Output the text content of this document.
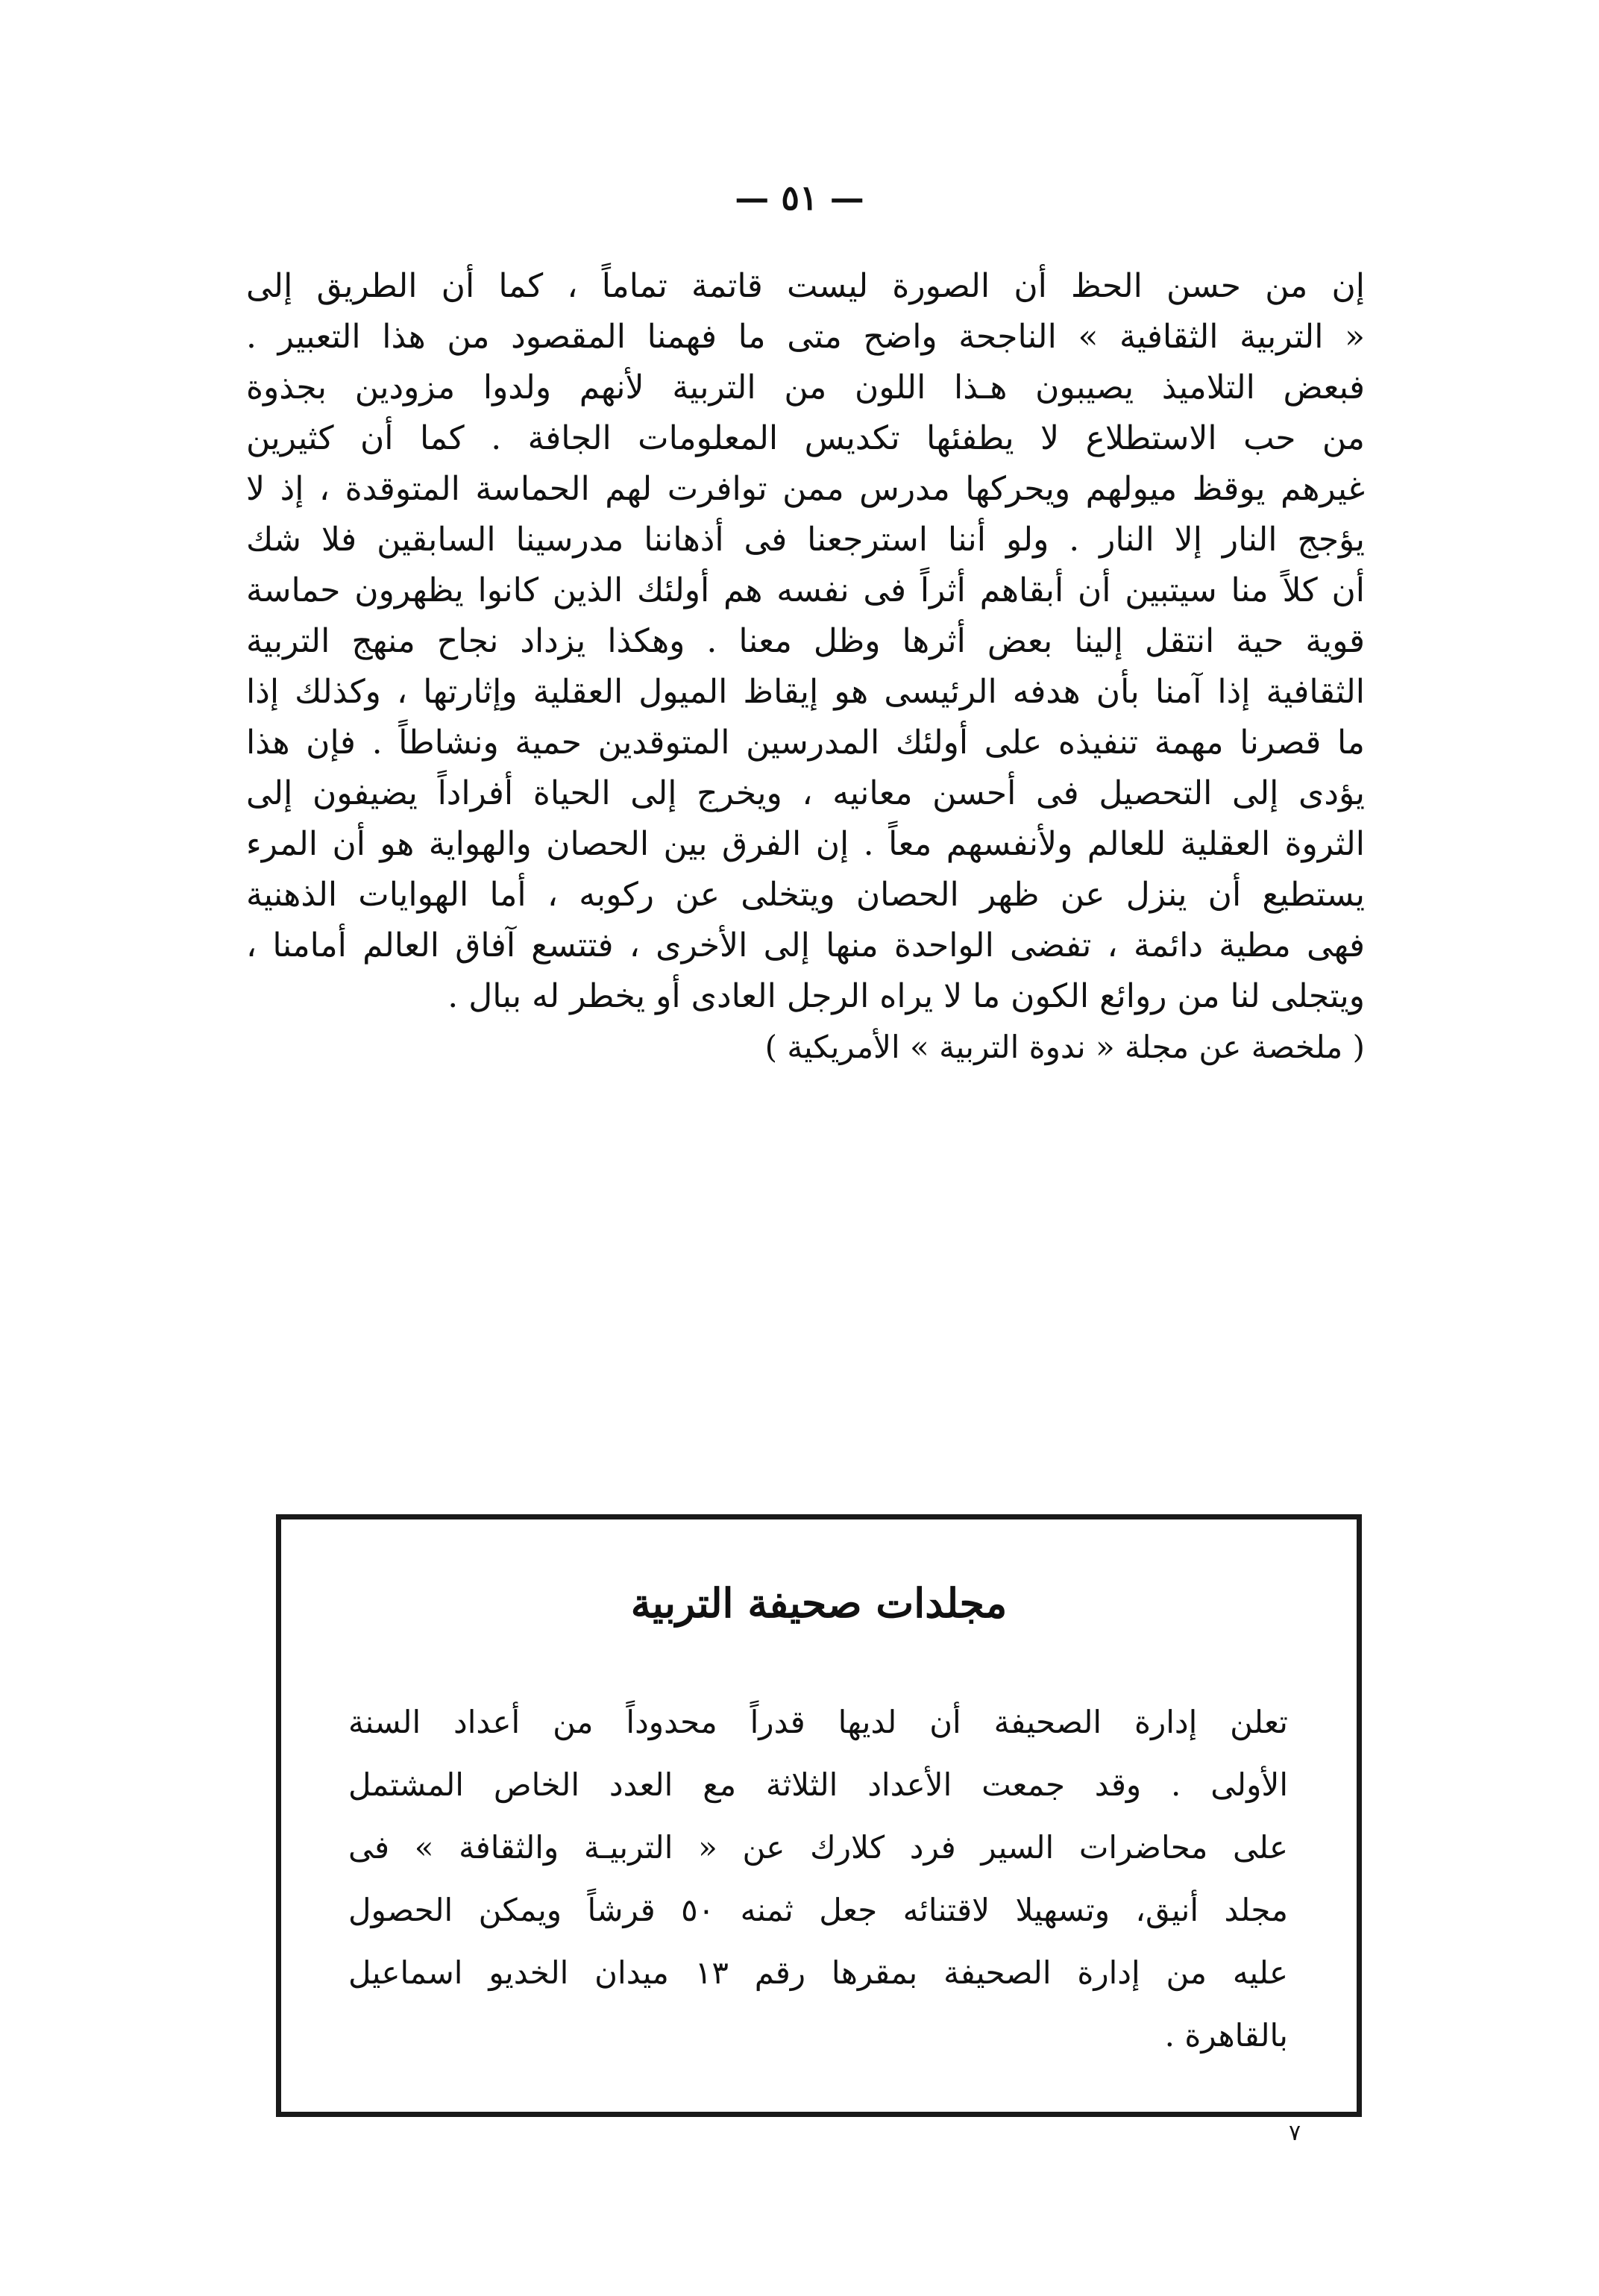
— ٥١ —
إن من حسن الحظ أن الصورة ليست قاتمة تماماً ، كما أن الطريق إلى
« التربية الثقافية » الناجحة واضح متى ما فهمنا المقصود من هذا التعبير .
فبعض التلاميذ يصيبون هـذا اللون من التربية لأنهم ولدوا مزودين بجذوة
من حب الاستطلاع لا يطفئها تكديس المعلومات الجافة . كما أن كثيرين
غيرهم يوقظ ميولهم ويحركها مدرس ممن توافرت لهم الحماسة المتوقدة ، إذ لا
يؤجج النار إلا النار . ولو أننا استرجعنا فى أذهاننا مدرسينا السابقين فلا شك
أن كلاً منا سيتبين أن أبقاهم أثراً فى نفسه هم أولئك الذين كانوا يظهرون حماسة
قوية حية انتقل إلينا بعض أثرها وظل معنا . وهكذا يزداد نجاح منهج التربية
الثقافية إذا آمنا بأن هدفه الرئيسى هو إيقاظ الميول العقلية وإثارتها ، وكذلك إذا
ما قصرنا مهمة تنفيذه على أولئك المدرسين المتوقدين حمية ونشاطاً . فإن هذا
يؤدى إلى التحصيل فى أحسن معانيه ، ويخرج إلى الحياة أفراداً يضيفون إلى
الثروة العقلية للعالم ولأنفسهم معاً . إن الفرق بين الحصان والهواية هو أن المرء
يستطيع أن ينزل عن ظهر الحصان ويتخلى عن ركوبه ، أما الهوايات الذهنية
فهى مطية دائمة ، تفضى الواحدة منها إلى الأخرى ، فتتسع آفاق العالم أمامنا ،
ويتجلى لنا من روائع الكون ما لا يراه الرجل العادى أو يخطر له ببال .
( ملخصة عن مجلة « ندوة التربية » الأمريكية )
مجلدات صحيفة التربية
تعلن إدارة الصحيفة أن لديها قدراً محدوداً من أعداد السنة
الأولى . وقد جمعت الأعداد الثلاثة مع العدد الخاص المشتمل
على محاضرات السير فرد كلارك عن « التربيـة والثقافة » فى
مجلد أنيق، وتسهيلا لاقتنائه جعل ثمنه ٥٠ قرشاً ويمكن الحصول
عليه من إدارة الصحيفة بمقرها رقم ١٣ ميدان الخديو اسماعيل
بالقاهرة .
٧
